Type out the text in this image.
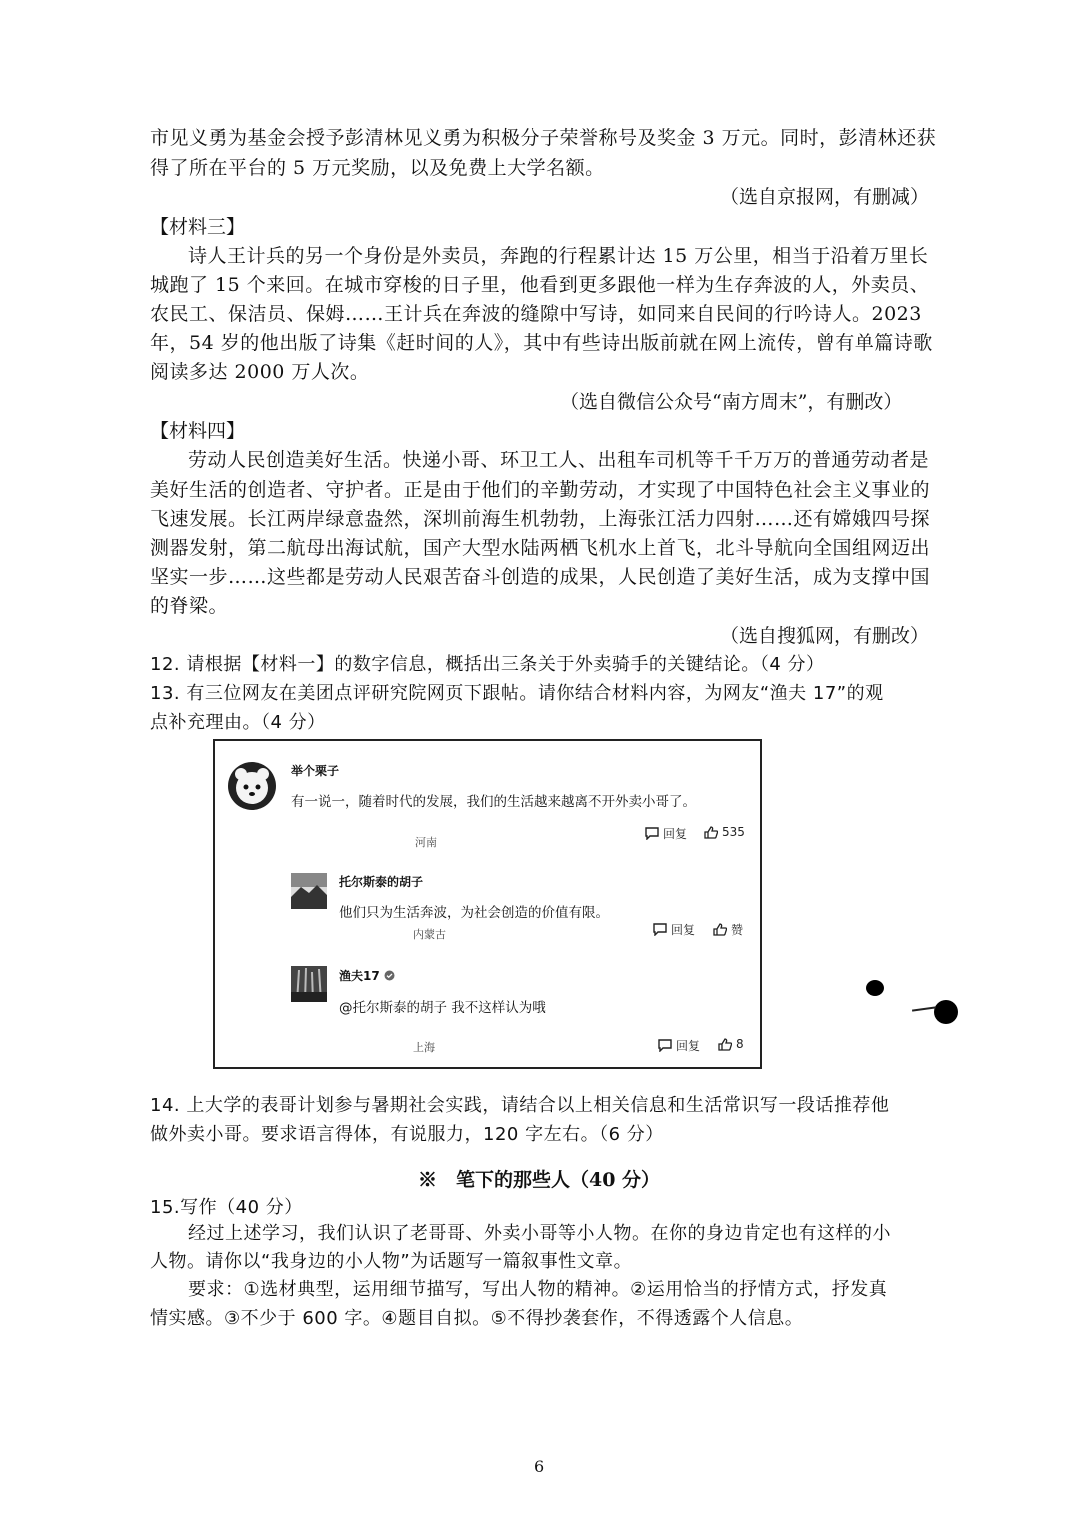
市见义勇为基金会授予彭清林见义勇为积极分子荣誉称号及奖金 3 万元。同时，彭清林还获
得了所在平台的 5 万元奖励，以及免费上大学名额。
（选自京报网，有删减）
【材料三】
诗人王计兵的另一个身份是外卖员，奔跑的行程累计达 15 万公里，相当于沿着万里长
城跑了 15 个来回。在城市穿梭的日子里，他看到更多跟他一样为生存奔波的人，外卖员、
农民工、保洁员、保姆……王计兵在奔波的缝隙中写诗，如同来自民间的行吟诗人。2023
年，54 岁的他出版了诗集《赶时间的人》，其中有些诗出版前就在网上流传，曾有单篇诗歌
阅读多达 2000 万人次。
（选自微信公众号“南方周末”，有删改）
【材料四】
劳动人民创造美好生活。快递小哥、环卫工人、出租车司机等千千万万的普通劳动者是
美好生活的创造者、守护者。正是由于他们的辛勤劳动，才实现了中国特色社会主义事业的
飞速发展。长江两岸绿意盎然，深圳前海生机勃勃，上海张江活力四射……还有嫦娥四号探
测器发射，第二航母出海试航，国产大型水陆两栖飞机水上首飞，北斗导航向全国组网迈出
坚实一步……这些都是劳动人民艰苦奋斗创造的成果，人民创造了美好生活，成为支撑中国
的脊梁。
（选自搜狐网，有删改）
12. 请根据【材料一】的数字信息，概括出三条关于外卖骑手的关键结论。（4 分）
13. 有三位网友在美团点评研究院网页下跟帖。请你结合材料内容，为网友“渔夫 17”的观
点补充理由。（4 分）
举个栗子
有一说一，随着时代的发展，我们的生活越来越离不开外卖小哥了。
河南
回复	535
托尔斯泰的胡子
他们只为生活奔波，为社会创造的价值有限。
内蒙古	回复	赞
渔夫17
@托尔斯泰的胡子 我不这样认为哦
上海	回复	8
14. 上大学的表哥计划参与暑期社会实践，请结合以上相关信息和生活常识写一段话推荐他
做外卖小哥。要求语言得体，有说服力，120 字左右。（6 分）
※　笔下的那些人（40 分）
15.写作（40 分）
经过上述学习，我们认识了老哥哥、外卖小哥等小人物。在你的身边肯定也有这样的小
人物。请你以“我身边的小人物”为话题写一篇叙事性文章。
要求：①选材典型，运用细节描写，写出人物的精神。②运用恰当的抒情方式，抒发真
情实感。③不少于 600 字。④题目自拟。⑤不得抄袭套作，不得透露个人信息。
6
